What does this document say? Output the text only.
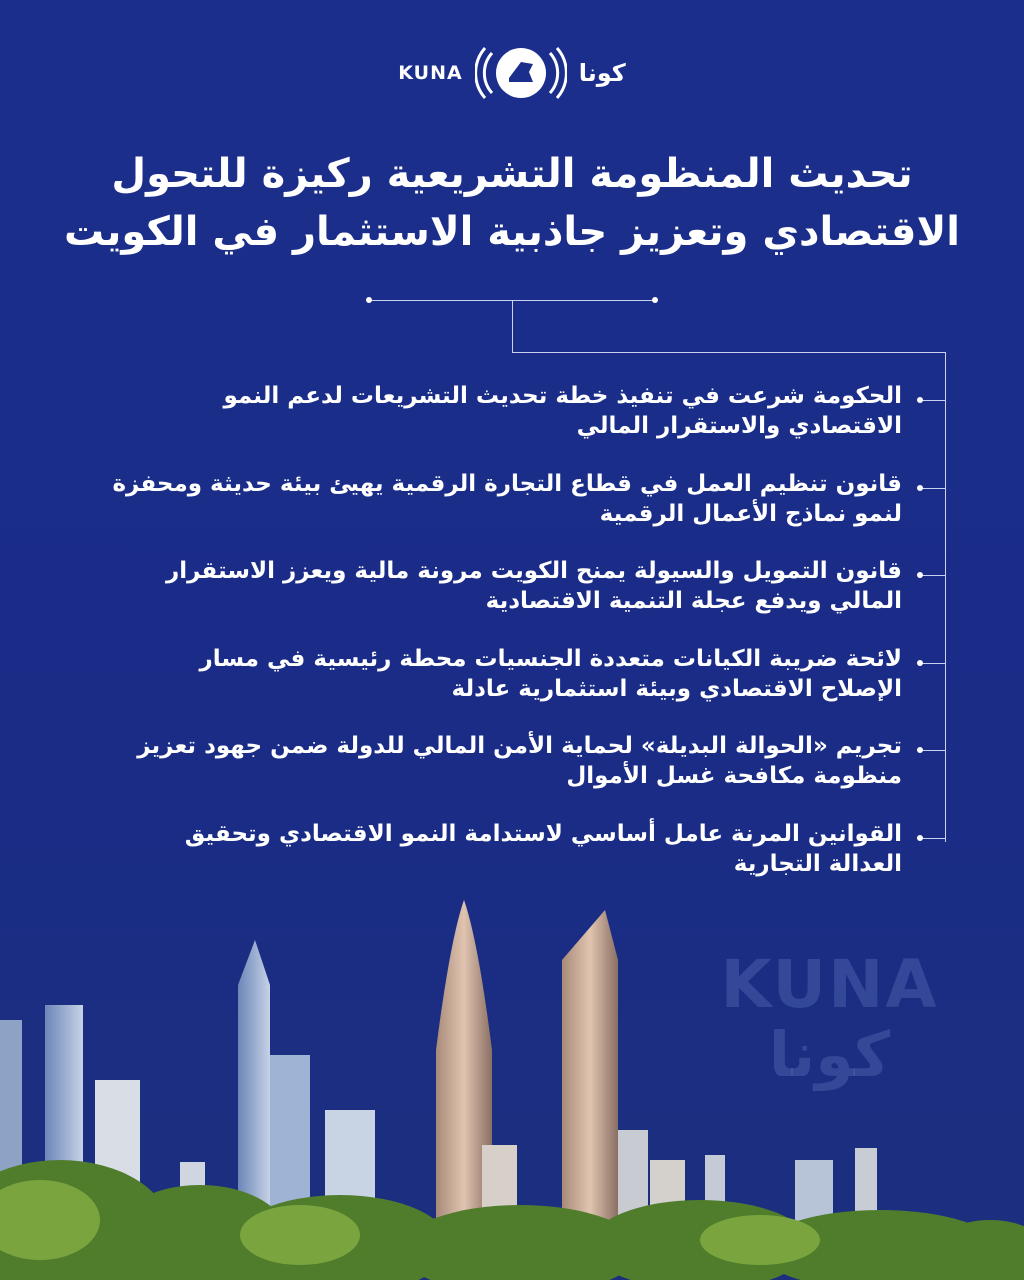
KUNA	كونا
تحديث المنظومة التشريعية ركيزة للتحول
الاقتصادي وتعزيز جاذبية الاستثمار في الكويت
الحكومة شرعت في تنفيذ خطة تحديث التشريعات لدعم النمو الاقتصادي والاستقرار المالي
قانون تنظيم العمل في قطاع التجارة الرقمية يهيئ بيئة حديثة ومحفزة لنمو نماذج الأعمال الرقمية
قانون التمويل والسيولة يمنح الكويت مرونة مالية ويعزز الاستقرار المالي ويدفع عجلة التنمية الاقتصادية
لائحة ضريبة الكيانات متعددة الجنسيات محطة رئيسية في مسار الإصلاح الاقتصادي وبيئة استثمارية عادلة
تجريم «الحوالة البديلة» لحماية الأمن المالي للدولة ضمن جهود تعزيز منظومة مكافحة غسل الأموال
القوانين المرنة عامل أساسي لاستدامة النمو الاقتصادي وتحقيق العدالة التجارية
KUNA
كونا
